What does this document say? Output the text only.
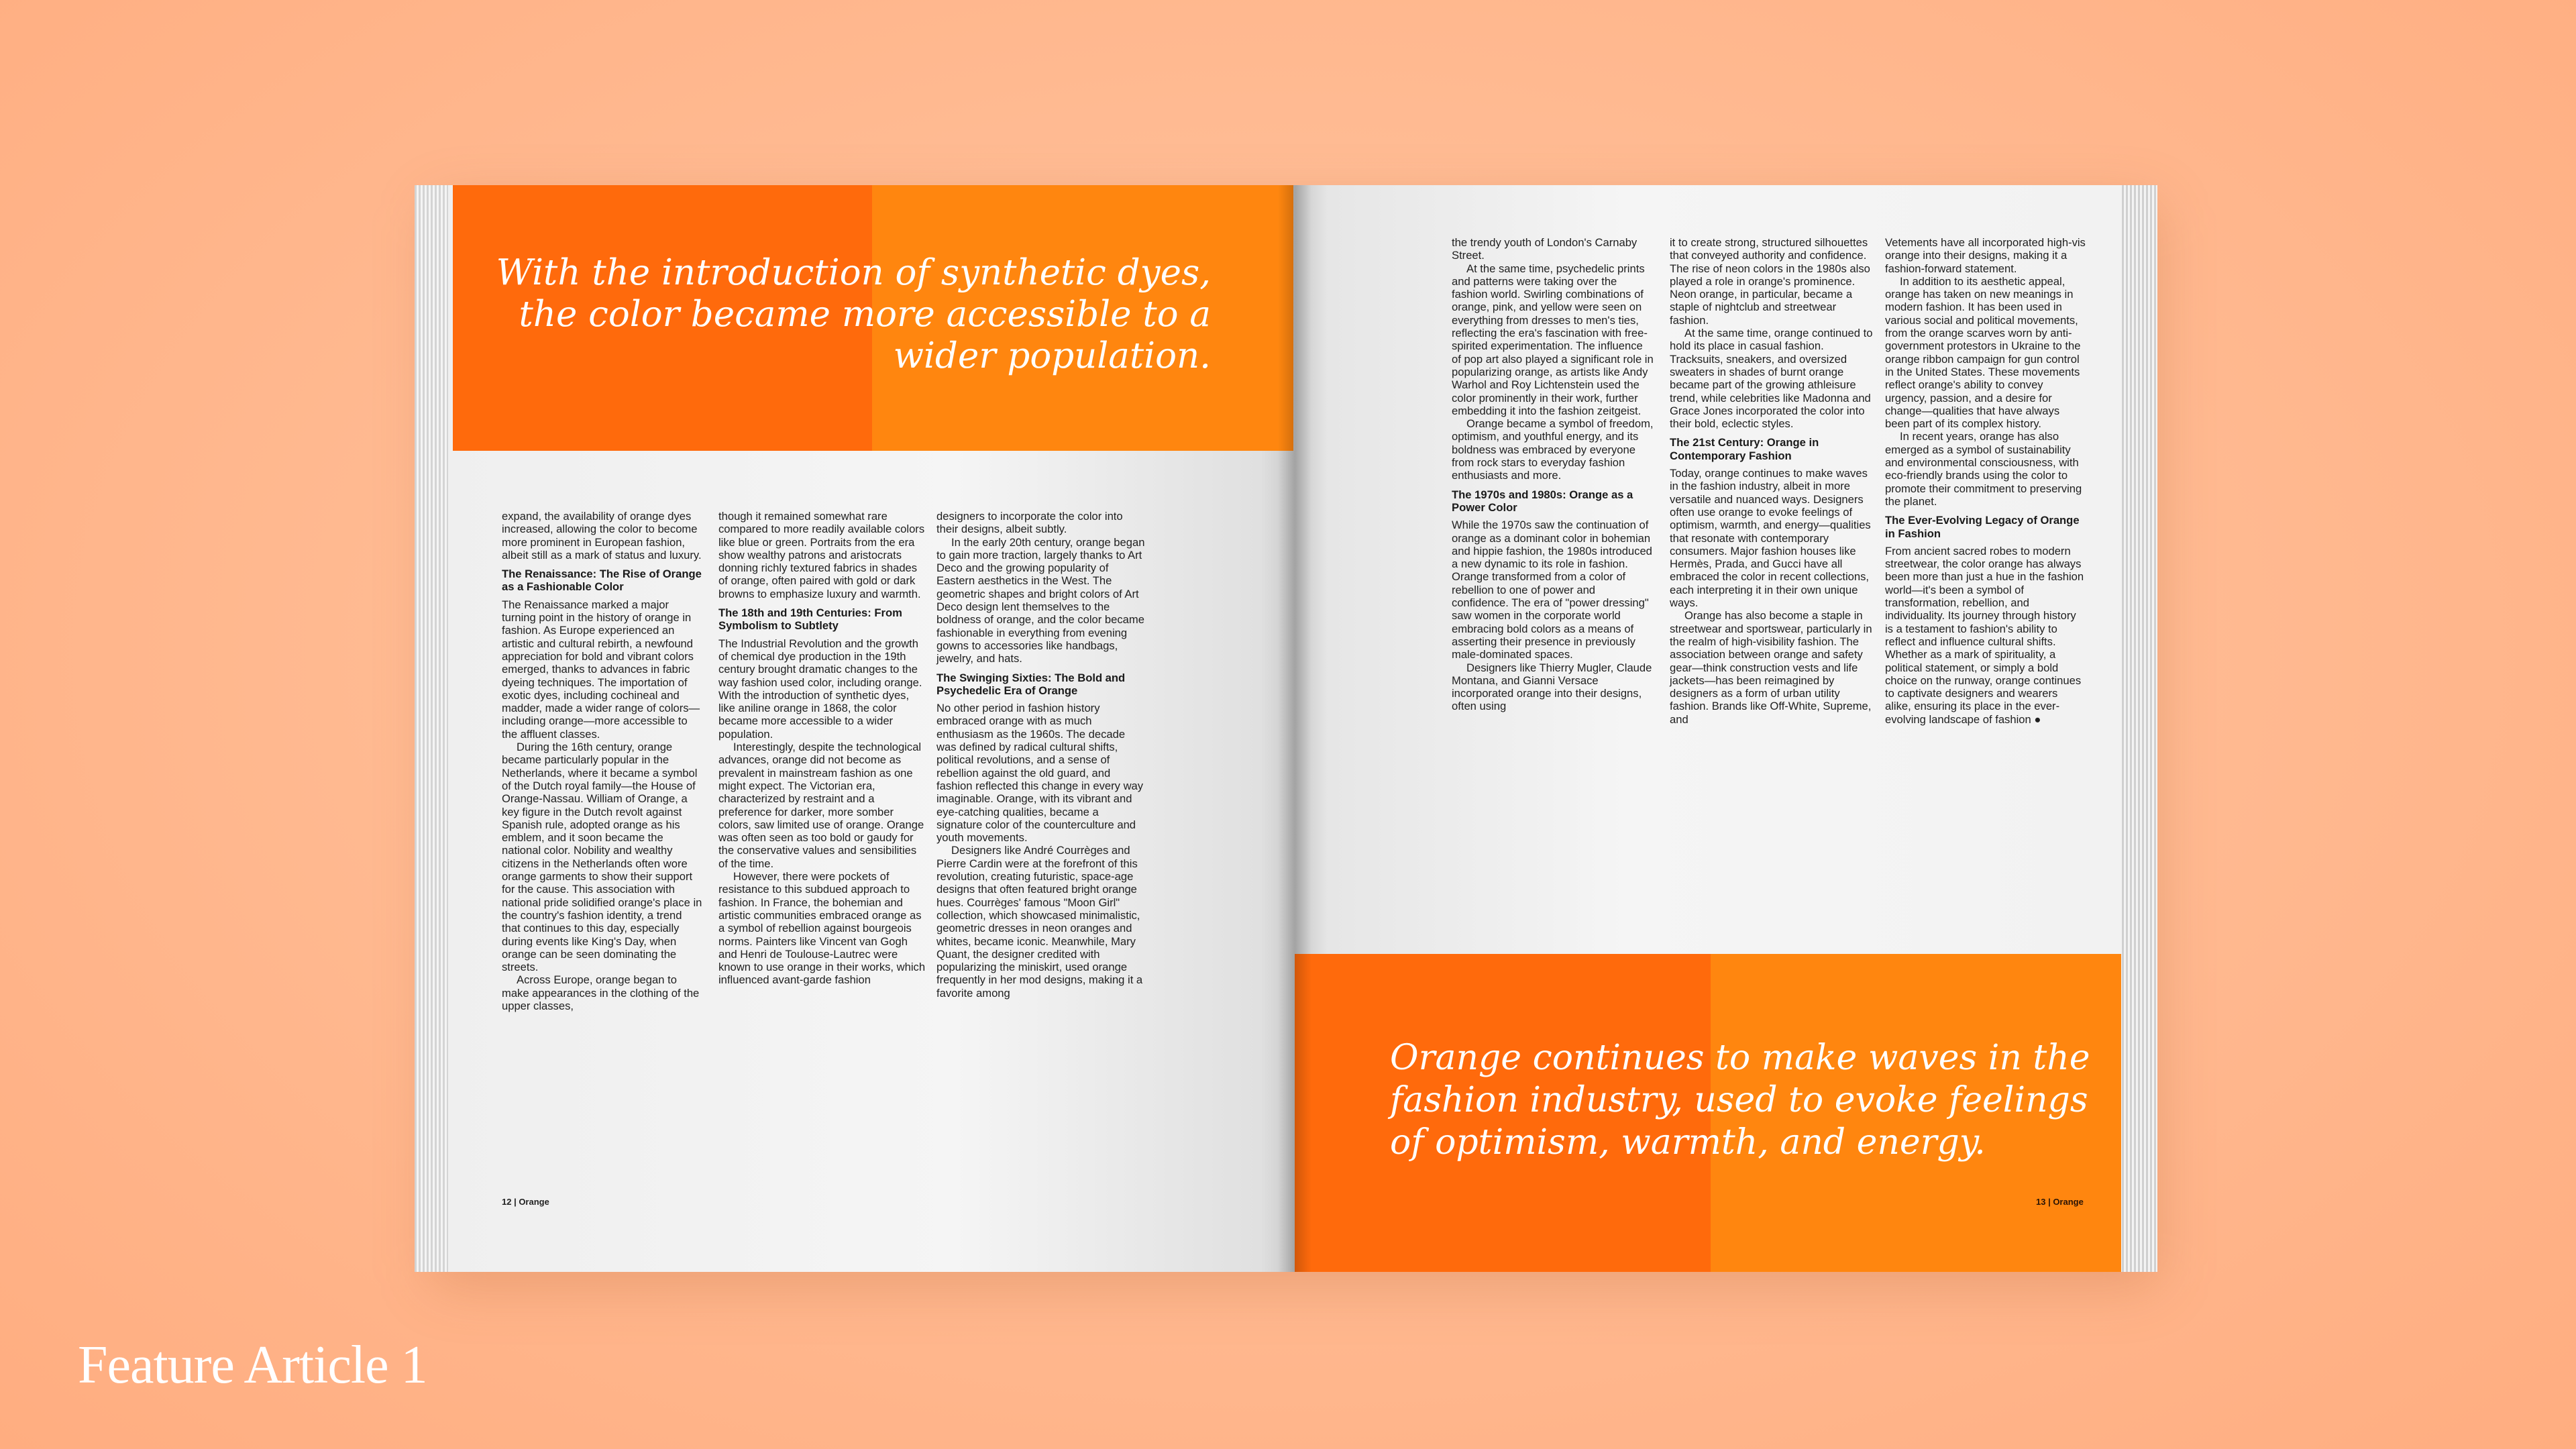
With the introduction of synthetic dyes, the color became more accessible to a wider population.

expand, the availability of orange dyes increased, allowing the color to become more prominent in European fashion, albeit still as a mark of status and luxury.

The Renaissance: The Rise of Orange as a Fashionable Color

The Renaissance marked a major turning point in the history of orange in fashion. As Europe experienced an artistic and cultural rebirth, a newfound appreciation for bold and vibrant colors emerged, thanks to advances in fabric dyeing techniques. The importation of exotic dyes, including cochineal and madder, made a wider range of colors—including orange—more accessible to the affluent classes.

During the 16th century, orange became particularly popular in the Netherlands, where it became a symbol of the Dutch royal family—the House of Orange-Nassau. William of Orange, a key figure in the Dutch revolt against Spanish rule, adopted orange as his emblem, and it soon became the national color. Nobility and wealthy citizens in the Netherlands often wore orange garments to show their support for the cause. This association with national pride solidified orange's place in the country's fashion identity, a trend that continues to this day, especially during events like King's Day, when orange can be seen dominating the streets.

Across Europe, orange began to make appearances in the clothing of the upper classes,

though it remained somewhat rare compared to more readily available colors like blue or green. Portraits from the era show wealthy patrons and aristocrats donning richly textured fabrics in shades of orange, often paired with gold or dark browns to emphasize luxury and warmth.

The 18th and 19th Centuries: From Symbolism to Subtlety

The Industrial Revolution and the growth of chemical dye production in the 19th century brought dramatic changes to the way fashion used color, including orange. With the introduction of synthetic dyes, like aniline orange in 1868, the color became more accessible to a wider population.

Interestingly, despite the technological advances, orange did not become as prevalent in mainstream fashion as one might expect. The Victorian era, characterized by restraint and a preference for darker, more somber colors, saw limited use of orange. Orange was often seen as too bold or gaudy for the conservative values and sensibilities of the time.

However, there were pockets of resistance to this subdued approach to fashion. In France, the bohemian and artistic communities embraced orange as a symbol of rebellion against bourgeois norms. Painters like Vincent van Gogh and Henri de Toulouse-Lautrec were known to use orange in their works, which influenced avant-garde fashion

designers to incorporate the color into their designs, albeit subtly.

In the early 20th century, orange began to gain more traction, largely thanks to Art Deco and the growing popularity of Eastern aesthetics in the West. The geometric shapes and bright colors of Art Deco design lent themselves to the boldness of orange, and the color became fashionable in everything from evening gowns to accessories like handbags, jewelry, and hats.

The Swinging Sixties: The Bold and Psychedelic Era of Orange

No other period in fashion history embraced orange with as much enthusiasm as the 1960s. The decade was defined by radical cultural shifts, political revolutions, and a sense of rebellion against the old guard, and fashion reflected this change in every way imaginable. Orange, with its vibrant and eye-catching qualities, became a signature color of the counterculture and youth movements.

Designers like André Courrèges and Pierre Cardin were at the forefront of this revolution, creating futuristic, space-age designs that often featured bright orange hues. Courrèges' famous "Moon Girl" collection, which showcased minimalistic, geometric dresses in neon oranges and whites, became iconic. Meanwhile, Mary Quant, the designer credited with popularizing the miniskirt, used orange frequently in her mod designs, making it a favorite among

12 | Orange

the trendy youth of London's Carnaby Street.

At the same time, psychedelic prints and patterns were taking over the fashion world. Swirling combinations of orange, pink, and yellow were seen on everything from dresses to men's ties, reflecting the era's fascination with free-spirited experimentation. The influence of pop art also played a significant role in popularizing orange, as artists like Andy Warhol and Roy Lichtenstein used the color prominently in their work, further embedding it into the fashion zeitgeist.

Orange became a symbol of freedom, optimism, and youthful energy, and its boldness was embraced by everyone from rock stars to everyday fashion enthusiasts and more.

The 1970s and 1980s: Orange as a Power Color

While the 1970s saw the continuation of orange as a dominant color in bohemian and hippie fashion, the 1980s introduced a new dynamic to its role in fashion. Orange transformed from a color of rebellion to one of power and confidence. The era of "power dressing" saw women in the corporate world embracing bold colors as a means of asserting their presence in previously male-dominated spaces.

Designers like Thierry Mugler, Claude Montana, and Gianni Versace incorporated orange into their designs, often using

it to create strong, structured silhouettes that conveyed authority and confidence. The rise of neon colors in the 1980s also played a role in orange's prominence. Neon orange, in particular, became a staple of nightclub and streetwear fashion.

At the same time, orange continued to hold its place in casual fashion. Tracksuits, sneakers, and oversized sweaters in shades of burnt orange became part of the growing athleisure trend, while celebrities like Madonna and Grace Jones incorporated the color into their bold, eclectic styles.

The 21st Century: Orange in Contemporary Fashion

Today, orange continues to make waves in the fashion industry, albeit in more versatile and nuanced ways. Designers often use orange to evoke feelings of optimism, warmth, and energy—qualities that resonate with contemporary consumers. Major fashion houses like Hermès, Prada, and Gucci have all embraced the color in recent collections, each interpreting it in their own unique ways.

Orange has also become a staple in streetwear and sportswear, particularly in the realm of high-visibility fashion. The association between orange and safety gear—think construction vests and life jackets—has been reimagined by designers as a form of urban utility fashion. Brands like Off-White, Supreme, and

Vetements have all incorporated high-vis orange into their designs, making it a fashion-forward statement.

In addition to its aesthetic appeal, orange has taken on new meanings in modern fashion. It has been used in various social and political movements, from the orange scarves worn by anti-government protestors in Ukraine to the orange ribbon campaign for gun control in the United States. These movements reflect orange's ability to convey urgency, passion, and a desire for change—qualities that have always been part of its complex history.

In recent years, orange has also emerged as a symbol of sustainability and environmental consciousness, with eco-friendly brands using the color to promote their commitment to preserving the planet.

The Ever-Evolving Legacy of Orange in Fashion

From ancient sacred robes to modern streetwear, the color orange has always been more than just a hue in the fashion world—it's been a symbol of transformation, rebellion, and individuality. Its journey through history is a testament to fashion's ability to reflect and influence cultural shifts. Whether as a mark of spirituality, a political statement, or simply a bold choice on the runway, orange continues to captivate designers and wearers alike, ensuring its place in the ever-evolving landscape of fashion ●

Orange continues to make waves in the fashion industry, used to evoke feelings of optimism, warmth, and energy.
13 | Orange
Feature Article 1
